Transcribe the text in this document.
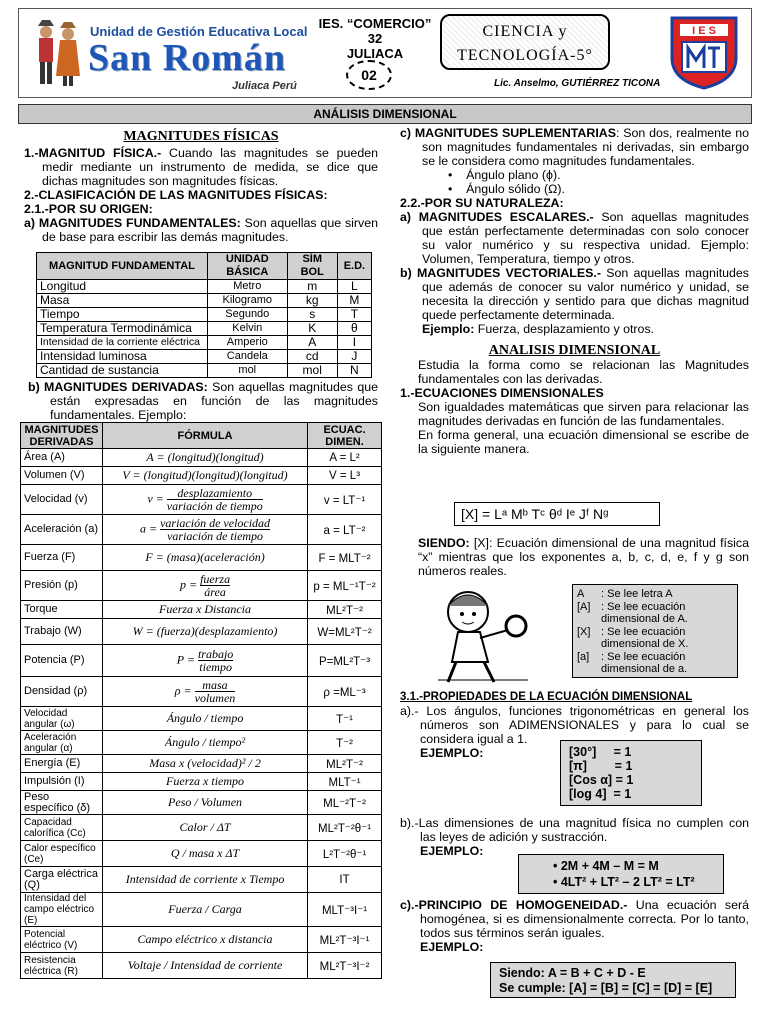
Unidad de Gestión Educativa Local
San Román
Juliaca Perú
IES. “COMERCIO” 32
JULIACA
02
CIENCIA y
TECNOLOGÍA-5°
Lic. Anselmo, GUTIÉRREZ TICONA
I E S
ANÁLISIS DIMENSIONAL
MAGNITUDES FÍSICAS
1.-MAGNITUD FÍSICA.- Cuando las magnitudes se pueden medir mediante un instrumento de medida, se dice que dichas magnitudes son magnitudes físicas.
2.-CLASIFICACIÓN DE LAS MAGNITUDES FÍSICAS:
2.1.-POR SU ORIGEN:
a) MAGNITUDES FUNDAMENTALES: Son aquellas que sirven de base para escribir las demás magnitudes.
MAGNITUD FUNDAMENTAL	UNIDAD BÁSICA	SÍM BOL	E.D.
Longitud	Metro	m	L
Masa	Kilogramo	kg	M
Tiempo	Segundo	s	T
Temperatura Termodinámica	Kelvin	K	θ
Intensidad de la corriente eléctrica	Amperio	A	I
Intensidad luminosa	Candela	cd	J
Cantidad de sustancia	mol	mol	N
b) MAGNITUDES DERIVADAS: Son aquellas magnitudes que están expresadas en función de las magnitudes fundamentales. Ejemplo:
MAGNITUDES DERIVADAS	FÓRMULA	ECUAC. DIMEN.
Área (A)	A = (longitud)(longitud)	A = L²
Volumen (V)	V = (longitud)(longitud)(longitud)	V = L³
Velocidad (v)	$v = \frac{\text{desplazamiento}}{\text{variación de tiempo}}$	v = LT⁻¹
Aceleración (a)	$a = \frac{\text{variación de velocidad}}{\text{variación de tiempo}}$	a = LT⁻²
Fuerza (F)	F = (masa)(aceleración)	F = MLT⁻²
Presión (p)	$p = \frac{\text{fuerza}}{\text{área}}$	p = ML⁻¹T⁻²
Torque	Fuerza x Distancia	ML²T⁻²
Trabajo (W)	W = (fuerza)(desplazamiento)	W=ML²T⁻²
Potencia (P)	$P = \frac{\text{trabajo}}{\text{tiempo}}$	P=ML²T⁻³
Densidad (ρ)	$\rho = \frac{\text{masa}}{\text{volumen}}$	ρ =ML⁻³
Velocidad angular (ω)	Ángulo / tiempo	T⁻¹
Aceleración angular (α)	Ángulo / tiempo²	T⁻²
Energía (E)	Masa x (velocidad)² / 2	ML²T⁻²
Impulsión (I)	Fuerza x tiempo	MLT⁻¹
Peso específico (δ)	Peso / Volumen	ML⁻²T⁻²
Capacidad calorífica (Cc)	Calor / ΔT	ML²T⁻²θ⁻¹
Calor específico (Ce)	Q / masa x ΔT	L²T⁻²θ⁻¹
Carga eléctrica (Q)	Intensidad de corriente x Tiempo	IT
Intensidad del campo eléctrico (E)	Fuerza / Carga	MLT⁻³I⁻¹
Potencial eléctrico (V)	Campo eléctrico x distancia	ML²T⁻³I⁻¹
Resistencia eléctrica (R)	Voltaje / Intensidad de corriente	ML²T⁻³I⁻²
c) MAGNITUDES SUPLEMENTARIAS: Son dos, realmente no son magnitudes fundamentales ni derivadas, sin embargo se le considera como magnitudes fundamentales.
•    Ángulo plano (ϕ).
•    Ángulo sólido (Ω).
2.2.-POR SU NATURALEZA:
a) MAGNITUDES ESCALARES.- Son aquellas magnitudes que están perfectamente determinadas con solo conocer su valor numérico y su respectiva unidad. Ejemplo: Volumen, Temperatura, tiempo y otros.
b) MAGNITUDES VECTORIALES.- Son aquellas magnitudes que además de conocer su valor numérico y unidad, se necesita la dirección y sentido para que dichas magnitud quede perfectamente determinada.
Ejemplo: Fuerza, desplazamiento y otros.
ANALISIS DIMENSIONAL
Estudia la forma como se relacionan las Magnitudes fundamentales con las derivadas.
1.-ECUACIONES DIMENSIONALES
Son igualdades matemáticas que sirven para relacionar las magnitudes derivadas en función de las fundamentales.
En forma general, una ecuación dimensional se escribe de la siguiente manera.
[X] = Lᵃ Mᵇ Tᶜ θᵈ Iᵉ Jᶠ Nᵍ
SIENDO: [X]: Ecuación dimensional de una magnitud física “x” mientras que los exponentes a, b, c, d, e, f y g son números reales.
A	: Se lee letra A
[A] : Se lee ecuación dimensional de A.
[X] : Se lee ecuación dimensional de X.
[a]	: Se lee ecuación dimensional de a.
3.1.-PROPIEDADES DE LA ECUACIÓN DIMENSIONAL
a).- Los ángulos, funciones trigonométricas en general los números son ADIMENSIONALES y para lo cual se considera igual a 1.
EJEMPLO:	[30°]     = 1
[π]        = 1
[Cos α] = 1
[log 4]  = 1
b).-Las dimensiones de una magnitud física no cumplen con las leyes de adición y sustracción.
EJEMPLO:
• 2M + 4M – M = M
• 4LT² + LT² – 2 LT² = LT²
c).-PRINCIPIO DE HOMOGENEIDAD.- Una ecuación será homogénea, si es dimensionalmente correcta. Por lo tanto, todos sus términos serán iguales.
EJEMPLO:
Siendo: A = B + C + D - E
Se cumple: [A] = [B] = [C] = [D] = [E]
